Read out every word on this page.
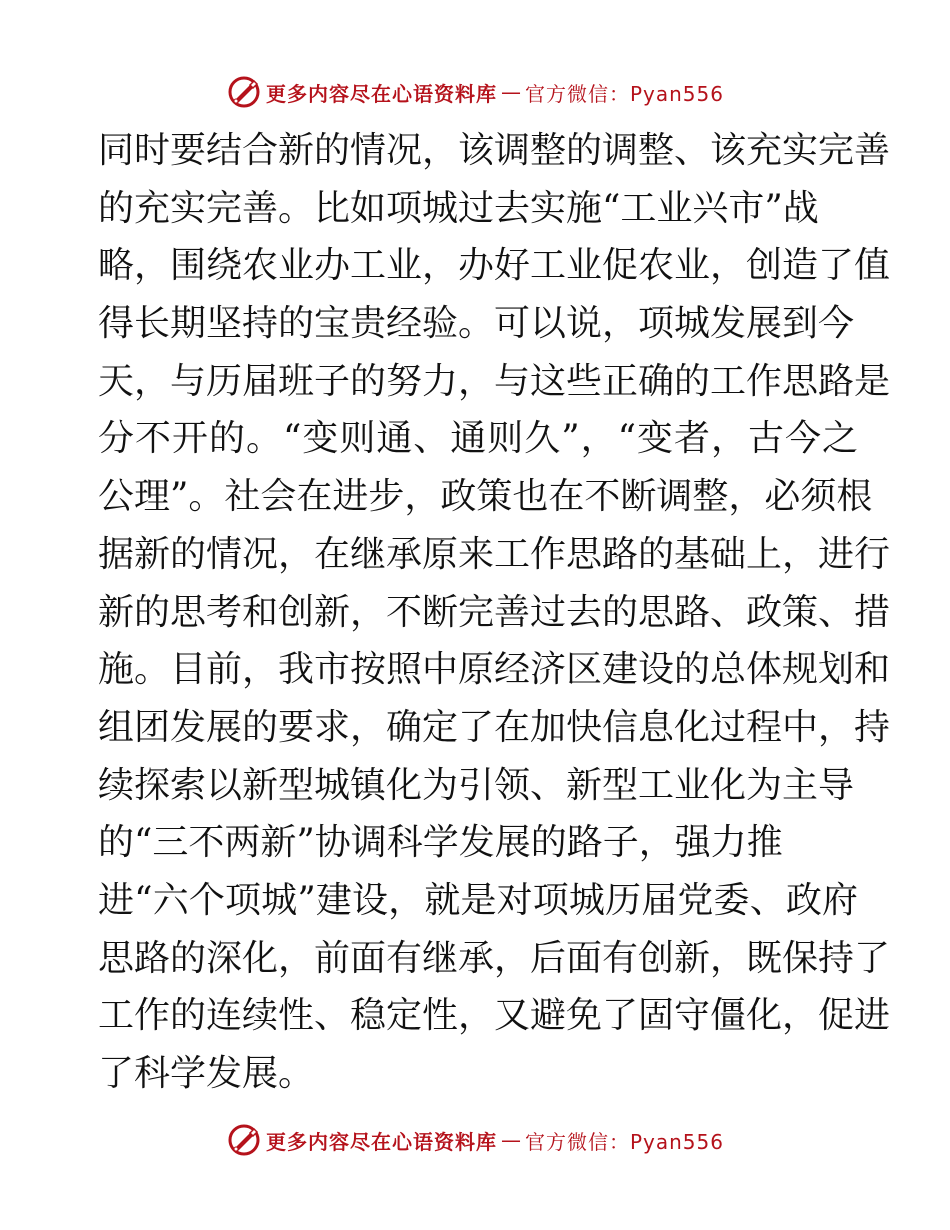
更多内容尽在心语资料库 — 官方微信：Pyan556
同时要结合新的情况，该调整的调整、该充实完善
的充实完善。比如项城过去实施“工业兴市”战
略，围绕农业办工业，办好工业促农业，创造了值
得长期坚持的宝贵经验。可以说，项城发展到今
天，与历届班子的努力，与这些正确的工作思路是
分不开的。“变则通、通则久”，“变者，古今之
公理”。社会在进步，政策也在不断调整，必须根
据新的情况，在继承原来工作思路的基础上，进行
新的思考和创新，不断完善过去的思路、政策、措
施。目前，我市按照中原经济区建设的总体规划和
组团发展的要求，确定了在加快信息化过程中，持
续探索以新型城镇化为引领、新型工业化为主导
的“三不两新”协调科学发展的路子，强力推
进“六个项城”建设，就是对项城历届党委、政府
思路的深化，前面有继承，后面有创新，既保持了
工作的连续性、稳定性，又避免了固守僵化，促进
了科学发展。
更多内容尽在心语资料库 — 官方微信：Pyan556
